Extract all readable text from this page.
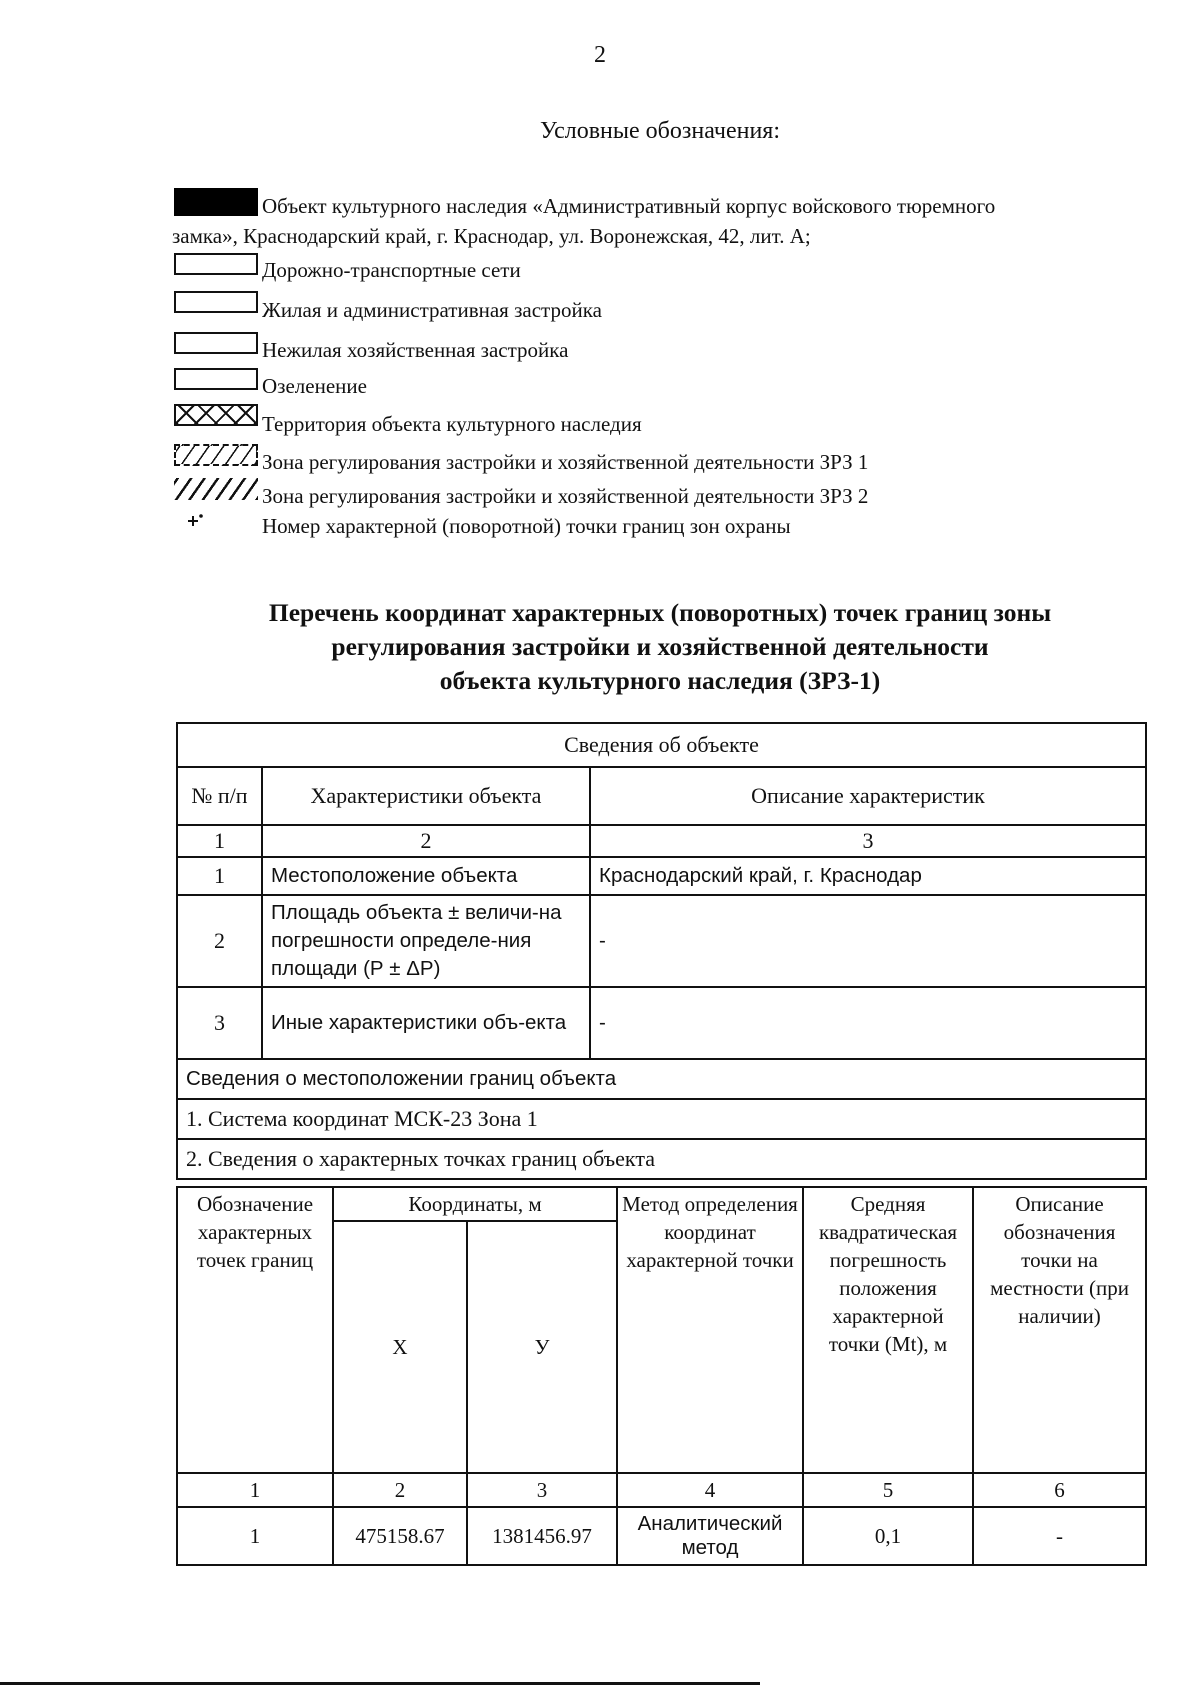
2
Условные обозначения:
Объект культурного наследия «Административный корпус войскового тюремного
замка», Краснодарский край, г. Краснодар, ул. Воронежская, 42, лит. А;
Дорожно-транспортные сети
Жилая и административная застройка
Нежилая хозяйственная застройка
Озеленение
Территория объекта культурного наследия
Зона регулирования застройки и хозяйственной деятельности ЗРЗ 1
Зона регулирования застройки и хозяйственной деятельности ЗРЗ 2
Номер характерной (поворотной) точки границ зон охраны
Перечень координат характерных (поворотных) точек границ зоны
регулирования застройки и хозяйственной деятельности
объекта культурного наследия (ЗРЗ-1)
Сведения об объекте		
№ п/п	Характеристики объекта	Описание характеристик
1	2	3
1	Местоположение объекта	Краснодарский край, г. Краснодар
2	Площадь объекта ± величи-на погрешности определе-ния площади (Р ± ΔР)	-
3	Иные характеристики объ-екта	-
Сведения о местоположении границ объекта		
1. Система координат МСК-23 Зона 1		
2. Сведения о характерных точках границ объекта		
Обозначение характерных точек границ	Координаты, м		Метод определения координат характерной точки	Средняя квадратическая погрешность положения характерной точки (Mt), м	Описание обозначения точки на местности (при наличии)
	Х	У			
1	2	3	4	5	6
1	475158.67	1381456.97	Аналитический метод	0,1	-
